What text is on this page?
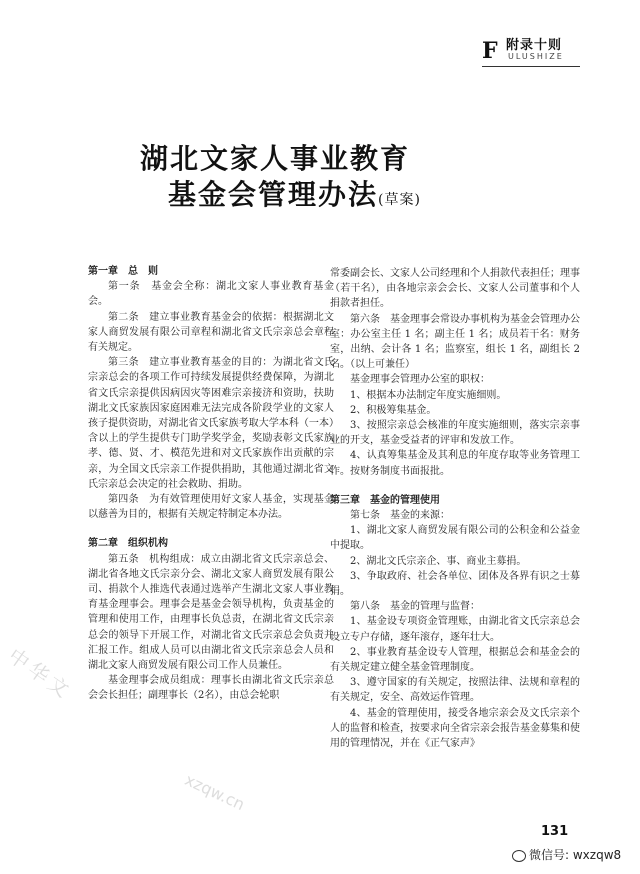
F 附录十则
ULUSHIZE
湖北文家人事业教育
基金会管理办法(草案)

第一章　总　则

第一条　基金会全称：湖北文家人事业教育基金会。

第二条　建立事业教育基金会的依据：根据湖北文家人商贸发展有限公司章程和湖北省文氏宗亲总会章程有关规定。

第三条　建立事业教育基金的目的：为湖北省文氏宗亲总会的各项工作可持续发展提供经费保障，为湖北省文氏宗亲提供因病因灾等困难宗亲接济和资助，扶助湖北文氏家族因家庭困难无法完成各阶段学业的文家人孩子提供资助，对湖北省文氏家族考取大学本科（一本）含以上的学生提供专门助学奖学金，奖励表彰文氏家族孝、德、贤、才、模范先进和对文氏家族作出贡献的宗亲，为全国文氏宗亲工作提供捐助，其他通过湖北省文氏宗亲总会决定的社会救助、捐助。

第四条　为有效管理使用好文家人基金，实现基金以慈善为目的，根据有关规定特制定本办法。

第二章　组织机构

第五条　机构组成：成立由湖北省文氏宗亲总会、湖北省各地文氏宗亲分会、湖北文家人商贸发展有限公司、捐款个人推选代表通过选举产生湖北文家人事业教育基金理事会。理事会是基金会领导机构，负责基金的管理和使用工作，由理事长负总责，在湖北省文氏宗亲总会的领导下开展工作，对湖北省文氏宗亲总会负责并汇报工作。组成人员可以由湖北省文氏宗亲总会人员和湖北文家人商贸发展有限公司工作人员兼任。

基金理事会成员组成：理事长由湖北省文氏宗亲总会会长担任；副理事长（2名），由总会轮职

常委副会长、文家人公司经理和个人捐款代表担任；理事（若干名），由各地宗亲会会长、文家人公司董事和个人捐款者担任。

第六条　基金理事会常设办事机构为基金会管理办公室：办公室主任 1 名；副主任 1 名；成员若干名：财务室，出纳、会计各 1 名；监察室，组长 1 名，副组长 2 名。（以上可兼任）

基金理事会管理办公室的职权：

1、根据本办法制定年度实施细则。

2、积极筹集基金。

3、按照宗亲总会核准的年度实施细则，落实宗亲事业的开支，基金受益者的评审和发放工作。

4、认真筹集基金及其利息的年度存取等业务管理工作。按财务制度书面报批。

第三章　基金的管理使用

第七条　基金的来源：

1、湖北文家人商贸发展有限公司的公积金和公益金中提取。

2、湖北文氏宗亲企、事、商业主募捐。

3、争取政府、社会各单位、团体及各界有识之士募捐。

第八条　基金的管理与监督：

1、基金设专项资金管理账，由湖北省文氏宗亲总会设立专户存储，逐年滚存，逐年壮大。

2、事业教育基金设专人管理，根据总会和基金会的有关规定建立健全基金管理制度。

3、遵守国家的有关规定，按照法律、法规和章程的有关规定，安全、高效运作管理。

4、基金的管理使用，接受各地宗亲会及文氏宗亲个人的监督和检查，按要求向全省宗亲会报告基金募集和使用的管理情况，并在《正气家声》

中华文
xzqw.cn
131
微信号: wxzqw8
